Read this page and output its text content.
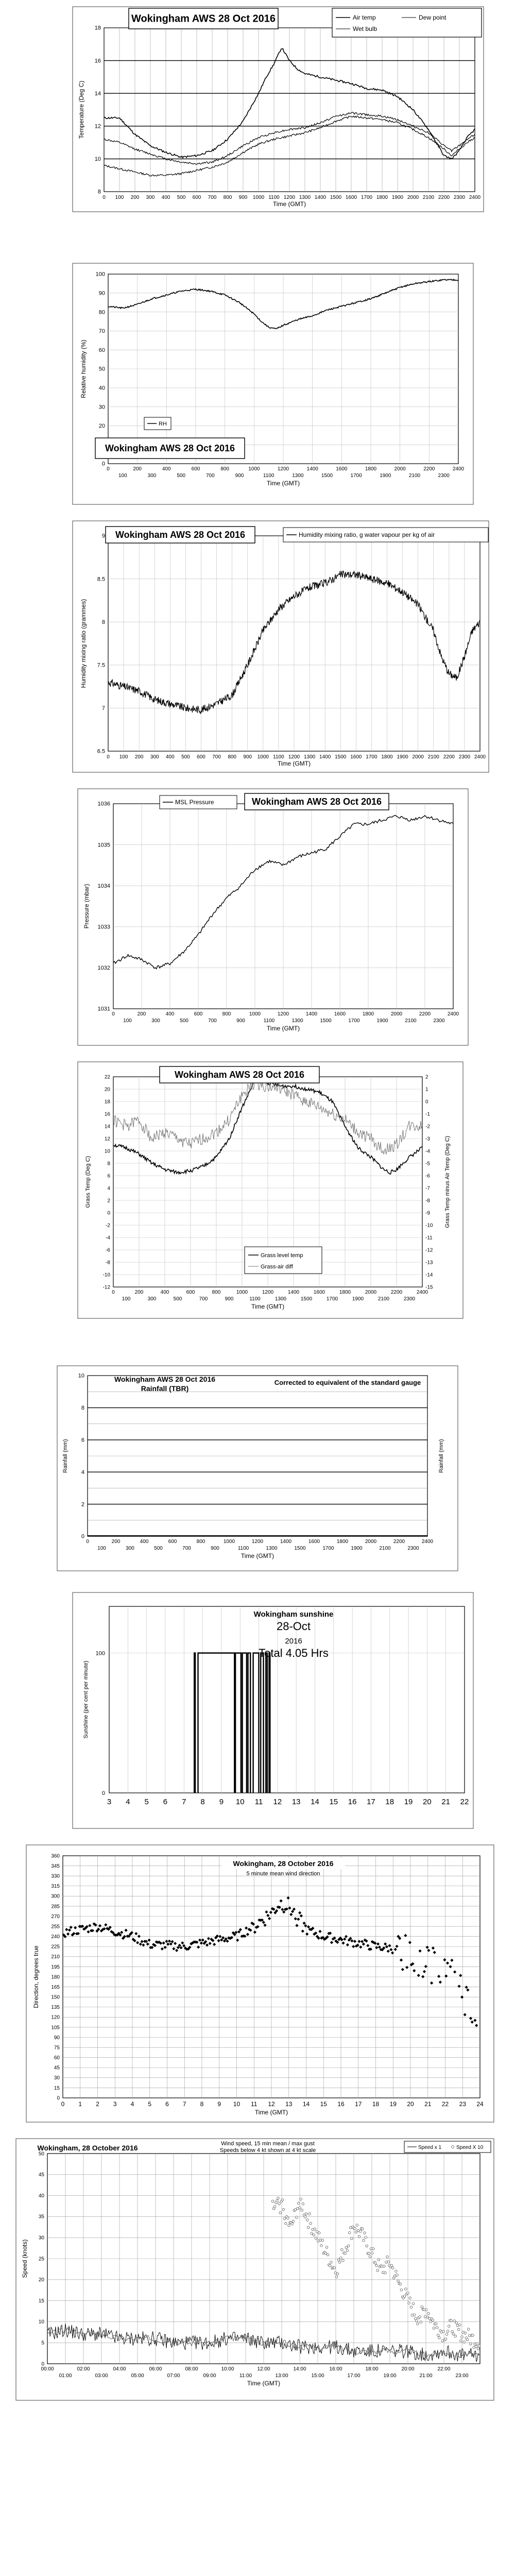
8
10
12
14
16
18
0 100 200 300 400 500 600 700 800 900 1000 1100 1200 1300 1400 1500 1600 1700 1800 1900 2000 2100 2200 2300 2400
Time (GMT)
Temperature (Deg C)
Wokingham AWS 28 Oct 2016	Air temp	Dew point
Wet bulb
0
20
30
40
50
60
70
80
90
100
0	200	400	600	800	1000	1200	1400	1600	1800	2000	2200	2400
100	300	500	700	900	1100	1300	1500	1700	1900	2100	2300
Time (GMT)
Relative humidity (%)
RH
Wokingham AWS 28 Oct 2016
6.5
7
7.5
8
8.5
9
0 100 200 300 400 500 600 700 800 900 1000 1100 1200 1300 1400 1500 1600 1700 1800 1900 2000 2100 2200 2300 2400
Time (GMT)
Humidity mixing ratio (grammes)
Wokingham AWS 28 Oct 2016	Humidity mixing ratio, g water vapour per kg of air
1031
1032
1033
1034
1035
1036
0	200	400	600	800	1000	1200	1400	1600	1800	2000	2200	2400
100	300	500	700	900	1100	1300	1500	1700	1900	2100	2300
Time (GMT)
Pressure (mbar)
MSL Pressure	Wokingham AWS 28 Oct 2016
-12
-10
-8
-6
-4
-2
0
2
4
6
8
10
12
14
16
18
20
22
-15
-14
-13
-12
-11
-10
-9
-8
-7
-6
-5
-4
-3
-2
-1
0
1
2
0	200	400	600	800	1000	1200	1400	1600	1800	2000	2200	2400
100	300	500	700	900	1100	1300	1500	1700	1900	2100	2300
Time (GMT)
Grass Temp (Deg C)	Grass Temp minus Air Temp (Deg C)
Wokingham AWS 28 Oct 2016
Grass level temp
Grass-air diff
0
2
4
6
8
10
0	200	400	600	800	1000	1200	1400	1600	1800	2000	2200	2400
100	300	500	700	900	1100	1300	1500	1700	1900	2100	2300
Time (GMT)
Rainfall (mm)	Rainfall (mm)
Wokingham AWS 28 Oct 2016
Rainfall (TBR)
Corrected to equivalent of the standard gauge
100
0
3 4 5 6 7 8 9 10 11 12 13 14 15 16 17 18 19 20 21 22
Sunshine (per cent per minute)
Wokingham sunshine
28-Oct
2016
Total 4.05 Hrs
0
15
30
45
60
75
90
105
120
135
150
165
180
195
210
225
240
255
270
285
300
315
330
345
360
0 1 2 3 4 5 6 7 8 9 10 11 12 13 14 15 16 17 18 19 20 21 22 23 24
Time (GMT)
Direction, degrees true
Wokingham, 28 October 2016
5 minute mean wind direction
0
5
10
15
20
25
30
35
40
45
50
00:00	02:00	04:00	06:00	08:00	10:00	12:00	14:00	16:00	18:00	20:00	22:00
01:00	03:00	05:00	07:00	09:00	11:00	13:00	15:00	17:00	19:00	21:00	23:00
Time (GMT)
Speed (knots)
Wokingham, 28 October 2016	Wind speed, 15 min mean / max gust
Speeds below 4 kt shown at 4 kt scale	Speed x 1	Speed X 10
